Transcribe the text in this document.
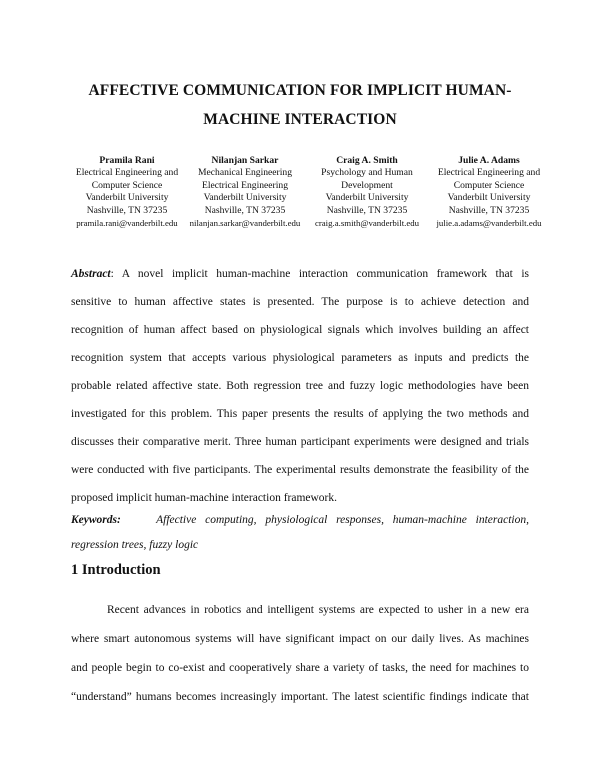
AFFECTIVE COMMUNICATION FOR IMPLICIT HUMAN-
MACHINE INTERACTION
Pramila Rani
Electrical Engineering and
Computer Science
Vanderbilt University
Nashville, TN 37235
pramila.rani@vanderbilt.edu
Nilanjan Sarkar
Mechanical Engineering
Electrical Engineering
Vanderbilt University
Nashville, TN 37235
nilanjan.sarkar@vanderbilt.edu
Craig A. Smith
Psychology and Human
Development
Vanderbilt University
Nashville, TN 37235
craig.a.smith@vanderbilt.edu
Julie A. Adams
Electrical Engineering and
Computer Science
Vanderbilt University
Nashville, TN 37235
julie.a.adams@vanderbilt.edu
Abstract: A novel implicit human-machine interaction communication framework that is
sensitive to human affective states is presented. The purpose is to achieve detection and
recognition of human affect based on physiological signals which involves building an affect
recognition system that accepts various physiological parameters as inputs and predicts the
probable related affective state. Both regression tree and fuzzy logic methodologies have been
investigated for this problem. This paper presents the results of applying the two methods and
discusses their comparative merit. Three human participant experiments were designed and trials
were conducted with five participants. The experimental results demonstrate the feasibility of the
proposed implicit human-machine interaction framework.
Keywords:	Affective computing, physiological responses, human-machine interaction,
regression trees, fuzzy logic
1 Introduction
Recent advances in robotics and intelligent systems are expected to usher in a new era
where smart autonomous systems will have significant impact on our daily lives. As machines
and people begin to co-exist and cooperatively share a variety of tasks, the need for machines to
“understand” humans becomes increasingly important. The latest scientific findings indicate that
